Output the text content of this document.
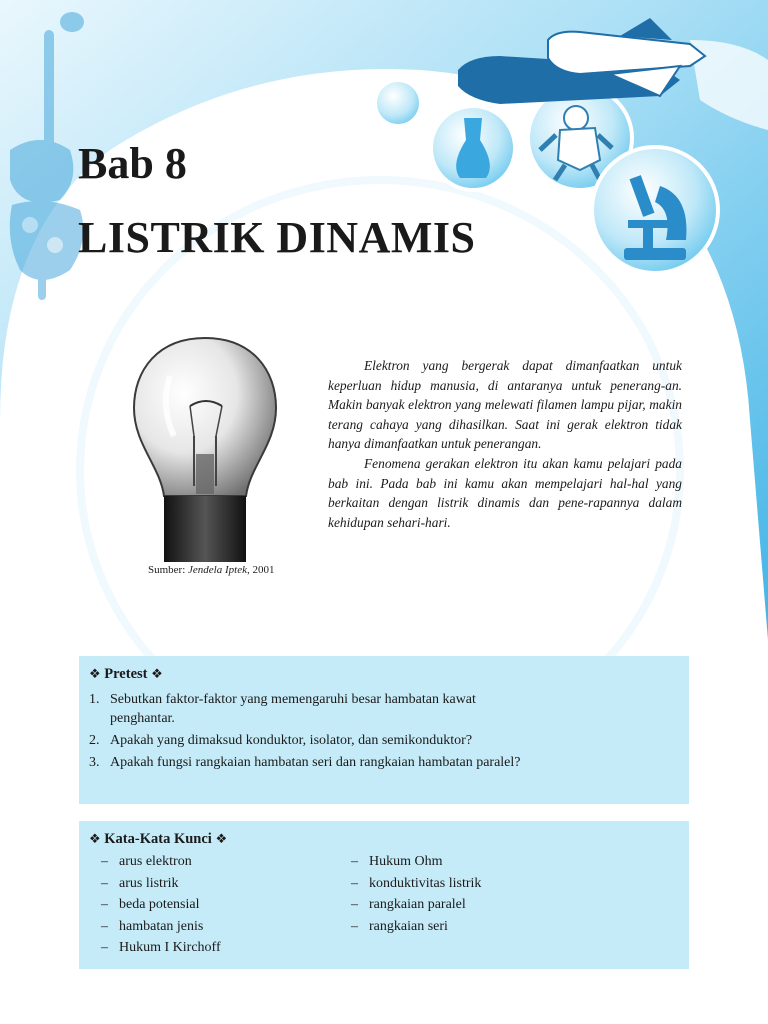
Bab 8
LISTRIK DINAMIS
Sumber: Jendela Iptek, 2001

Elektron yang bergerak dapat dimanfaatkan untuk keperluan hidup manusia, di antaranya untuk penerang-an. Makin banyak elektron yang melewati filamen lampu pijar, makin terang cahaya yang dihasilkan. Saat ini gerak elektron tidak hanya dimanfaatkan untuk penerangan.

Fenomena gerakan elektron itu akan kamu pelajari pada bab ini. Pada bab ini kamu akan mempelajari hal-hal yang berkaitan dengan listrik dinamis dan pene-rapannya dalam kehidupan sehari-hari.

❖ Pretest ❖
1. Sebutkan faktor-faktor yang memengaruhi besar hambatan kawat penghantar.
2. Apakah yang dimaksud konduktor, isolator, dan semikonduktor?
3. Apakah fungsi rangkaian hambatan seri dan rangkaian hambatan paralel?
❖ Kata-Kata Kunci ❖
– arus elektron
– arus listrik
– beda potensial
– hambatan jenis
– Hukum I Kirchoff
– Hukum Ohm
– konduktivitas listrik
– rangkaian paralel
– rangkaian seri
